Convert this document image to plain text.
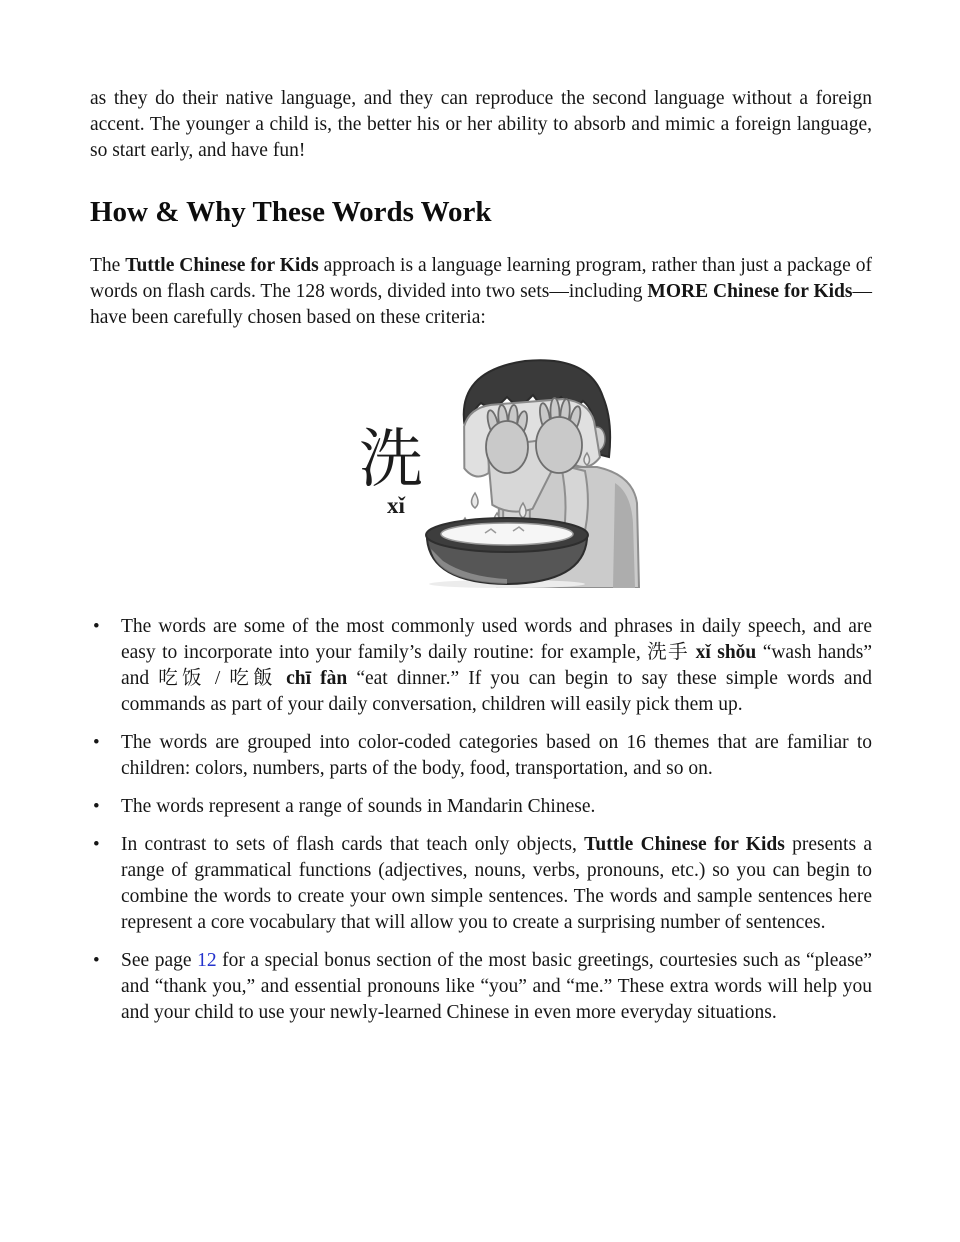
as they do their native language, and they can reproduce the second language without a foreign accent. The younger a child is, the better his or her ability to absorb and mimic a foreign language, so start early, and have fun!

How & Why These Words Work

The Tuttle Chinese for Kids approach is a language learning program, rather than just a package of words on flash cards. The 128 words, divided into two sets—including MORE Chinese for Kids—have been carefully chosen based on these criteria:

洗
xǐ
• The words are some of the most commonly used words and phrases in daily speech, and are easy to incorporate into your family’s daily routine: for example, 洗手 xǐ shǒu “wash hands” and 吃饭 / 吃飯 chī fàn “eat dinner.” If you can begin to say these simple words and commands as part of your daily conversation, children will easily pick them up.
• The words are grouped into color-coded categories based on 16 themes that are familiar to children: colors, numbers, parts of the body, food, transportation, and so on.
• The words represent a range of sounds in Mandarin Chinese.
• In contrast to sets of flash cards that teach only objects, Tuttle Chinese for Kids presents a range of grammatical functions (adjectives, nouns, verbs, pronouns, etc.) so you can begin to combine the words to create your own simple sentences. The words and sample sentences here represent a core vocabulary that will allow you to create a surprising number of sentences.
• See page 12 for a special bonus section of the most basic greetings, courtesies such as “please” and “thank you,” and essential pronouns like “you” and “me.” These extra words will help you and your child to use your newly-learned Chinese in even more everyday situations.
